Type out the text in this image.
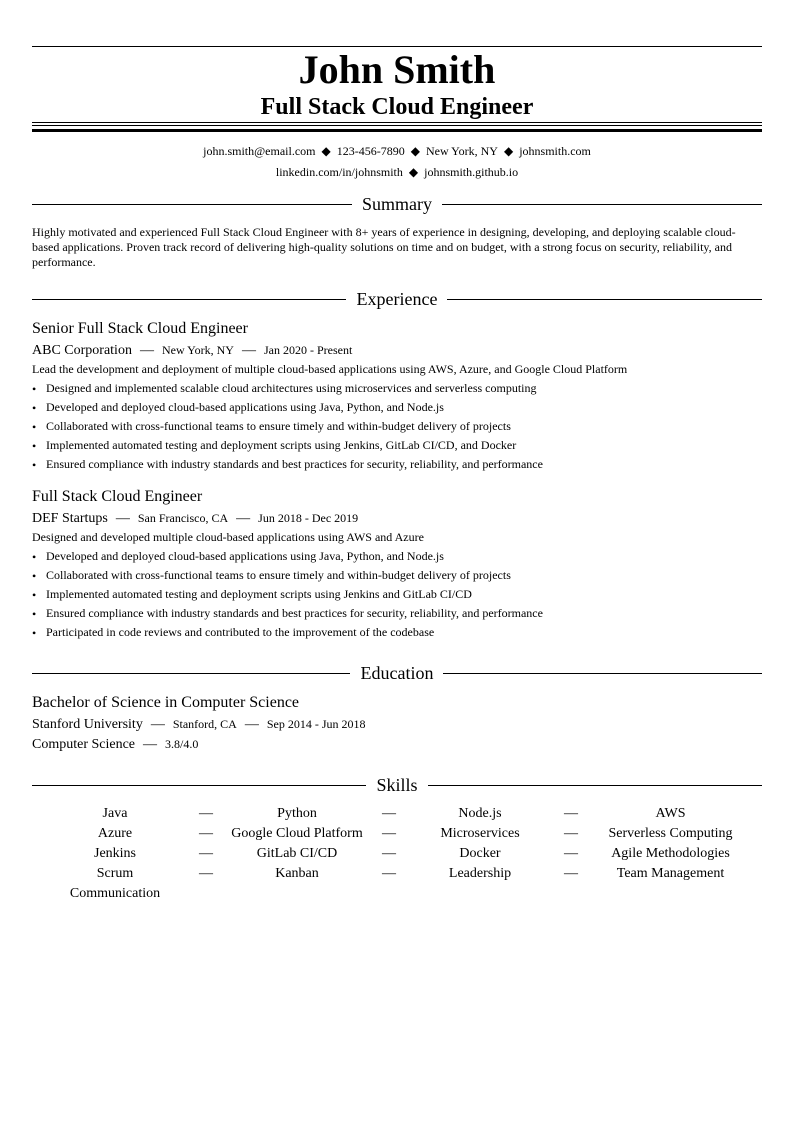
John Smith
Full Stack Cloud Engineer
john.smith@email.com ◆ 123-456-7890 ◆ New York, NY ◆ johnsmith.com
linkedin.com/in/johnsmith ◆ johnsmith.github.io
Summary
Highly motivated and experienced Full Stack Cloud Engineer with 8+ years of experience in designing, developing, and deploying scalable cloud-based applications. Proven track record of delivering high-quality solutions on time and on budget, with a strong focus on security, reliability, and performance.
Experience
Senior Full Stack Cloud Engineer
ABC Corporation — New York, NY — Jan 2020 - Present
Lead the development and deployment of multiple cloud-based applications using AWS, Azure, and Google Cloud Platform
• Designed and implemented scalable cloud architectures using microservices and serverless computing
• Developed and deployed cloud-based applications using Java, Python, and Node.js
• Collaborated with cross-functional teams to ensure timely and within-budget delivery of projects
• Implemented automated testing and deployment scripts using Jenkins, GitLab CI/CD, and Docker
• Ensured compliance with industry standards and best practices for security, reliability, and performance
Full Stack Cloud Engineer
DEF Startups — San Francisco, CA — Jun 2018 - Dec 2019
Designed and developed multiple cloud-based applications using AWS and Azure
• Developed and deployed cloud-based applications using Java, Python, and Node.js
• Collaborated with cross-functional teams to ensure timely and within-budget delivery of projects
• Implemented automated testing and deployment scripts using Jenkins and GitLab CI/CD
• Ensured compliance with industry standards and best practices for security, reliability, and performance
• Participated in code reviews and contributed to the improvement of the codebase
Education
Bachelor of Science in Computer Science
Stanford University — Stanford, CA — Sep 2014 - Jun 2018
Computer Science — 3.8/4.0
Skills
Java	—	Python	—	Node.js	—	AWS
Azure	—	Google Cloud Platform	—	Microservices	—	Serverless Computing
Jenkins	—	GitLab CI/CD	—	Docker	—	Agile Methodologies
Scrum	—	Kanban	—	Leadership	—	Team Management
Communication
